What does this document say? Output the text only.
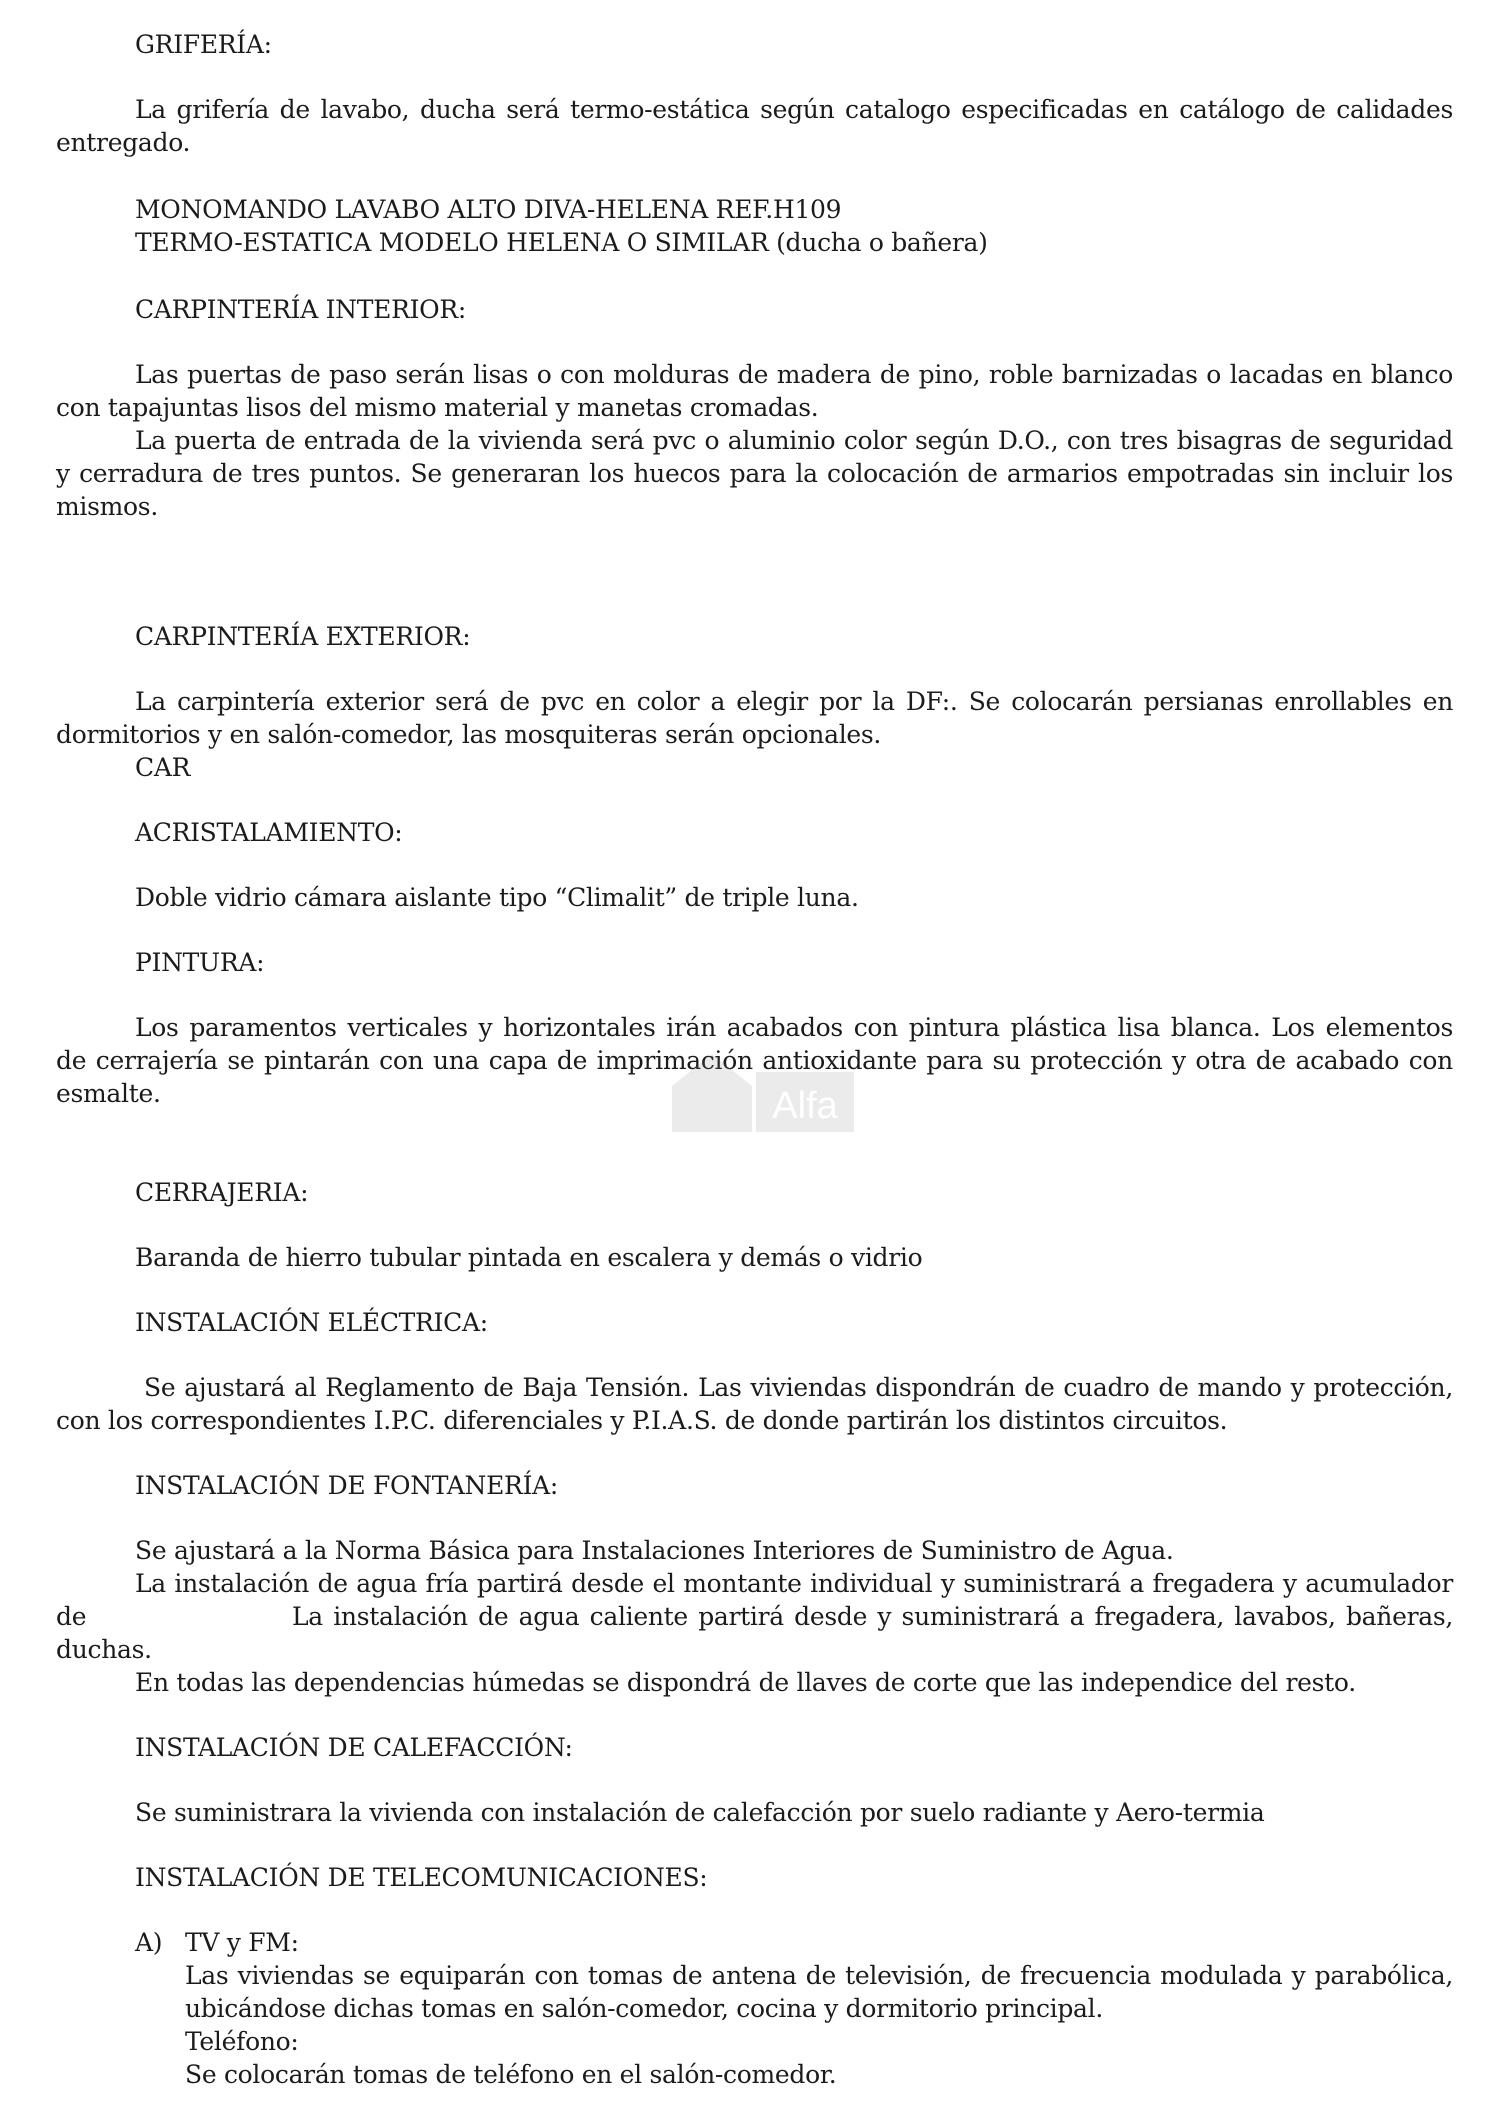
GRIFERÍA:
La grifería de lavabo, ducha será termo-estática según catalogo especificadas en catálogo de calidades
entregado.
MONOMANDO LAVABO ALTO DIVA-HELENA REF.H109
TERMO-ESTATICA MODELO HELENA O SIMILAR (ducha o bañera)
CARPINTERÍA INTERIOR:
Las puertas de paso serán lisas o con molduras de madera de pino, roble barnizadas o lacadas en blanco
con tapajuntas lisos del mismo material y manetas cromadas.
La puerta de entrada de la vivienda será pvc o aluminio color según D.O., con tres bisagras de seguridad
y cerradura de tres puntos. Se generaran los huecos para la colocación de armarios empotradas sin incluir los
mismos.
CARPINTERÍA EXTERIOR:
La carpintería exterior será de pvc en color a elegir por la DF:. Se colocarán persianas enrollables en
dormitorios y en salón-comedor, las mosquiteras serán opcionales.
CAR
ACRISTALAMIENTO:
Doble vidrio cámara aislante tipo “Climalit” de triple luna.
PINTURA:
Los paramentos verticales y horizontales irán acabados con pintura plástica lisa blanca. Los elementos
de cerrajería se pintarán con una capa de imprimación antioxidante para su protección y otra de acabado con
esmalte.
CERRAJERIA:
Baranda de hierro tubular pintada en escalera y demás o vidrio
INSTALACIÓN ELÉCTRICA:
Se ajustará al Reglamento de Baja Tensión. Las viviendas dispondrán de cuadro de mando y protección,
con los correspondientes I.P.C. diferenciales y P.I.A.S. de donde partirán los distintos circuitos.
INSTALACIÓN DE FONTANERÍA:
Se ajustará a la Norma Básica para Instalaciones Interiores de Suministro de Agua.
La instalación de agua fría partirá desde el montante individual y suministrará a fregadera y acumulador
de	La instalación de agua caliente partirá desde y suministrará a fregadera, lavabos, bañeras,
duchas.
En todas las dependencias húmedas se dispondrá de llaves de corte que las independice del resto.
INSTALACIÓN DE CALEFACCIÓN:
Se suministrara la vivienda con instalación de calefacción por suelo radiante y Aero-termia
INSTALACIÓN DE TELECOMUNICACIONES:
A) TV y FM:
Las viviendas se equiparán con tomas de antena de televisión, de frecuencia modulada y parabólica,
ubicándose dichas tomas en salón-comedor, cocina y dormitorio principal.
Teléfono:
Se colocarán tomas de teléfono en el salón-comedor.
Alfa
